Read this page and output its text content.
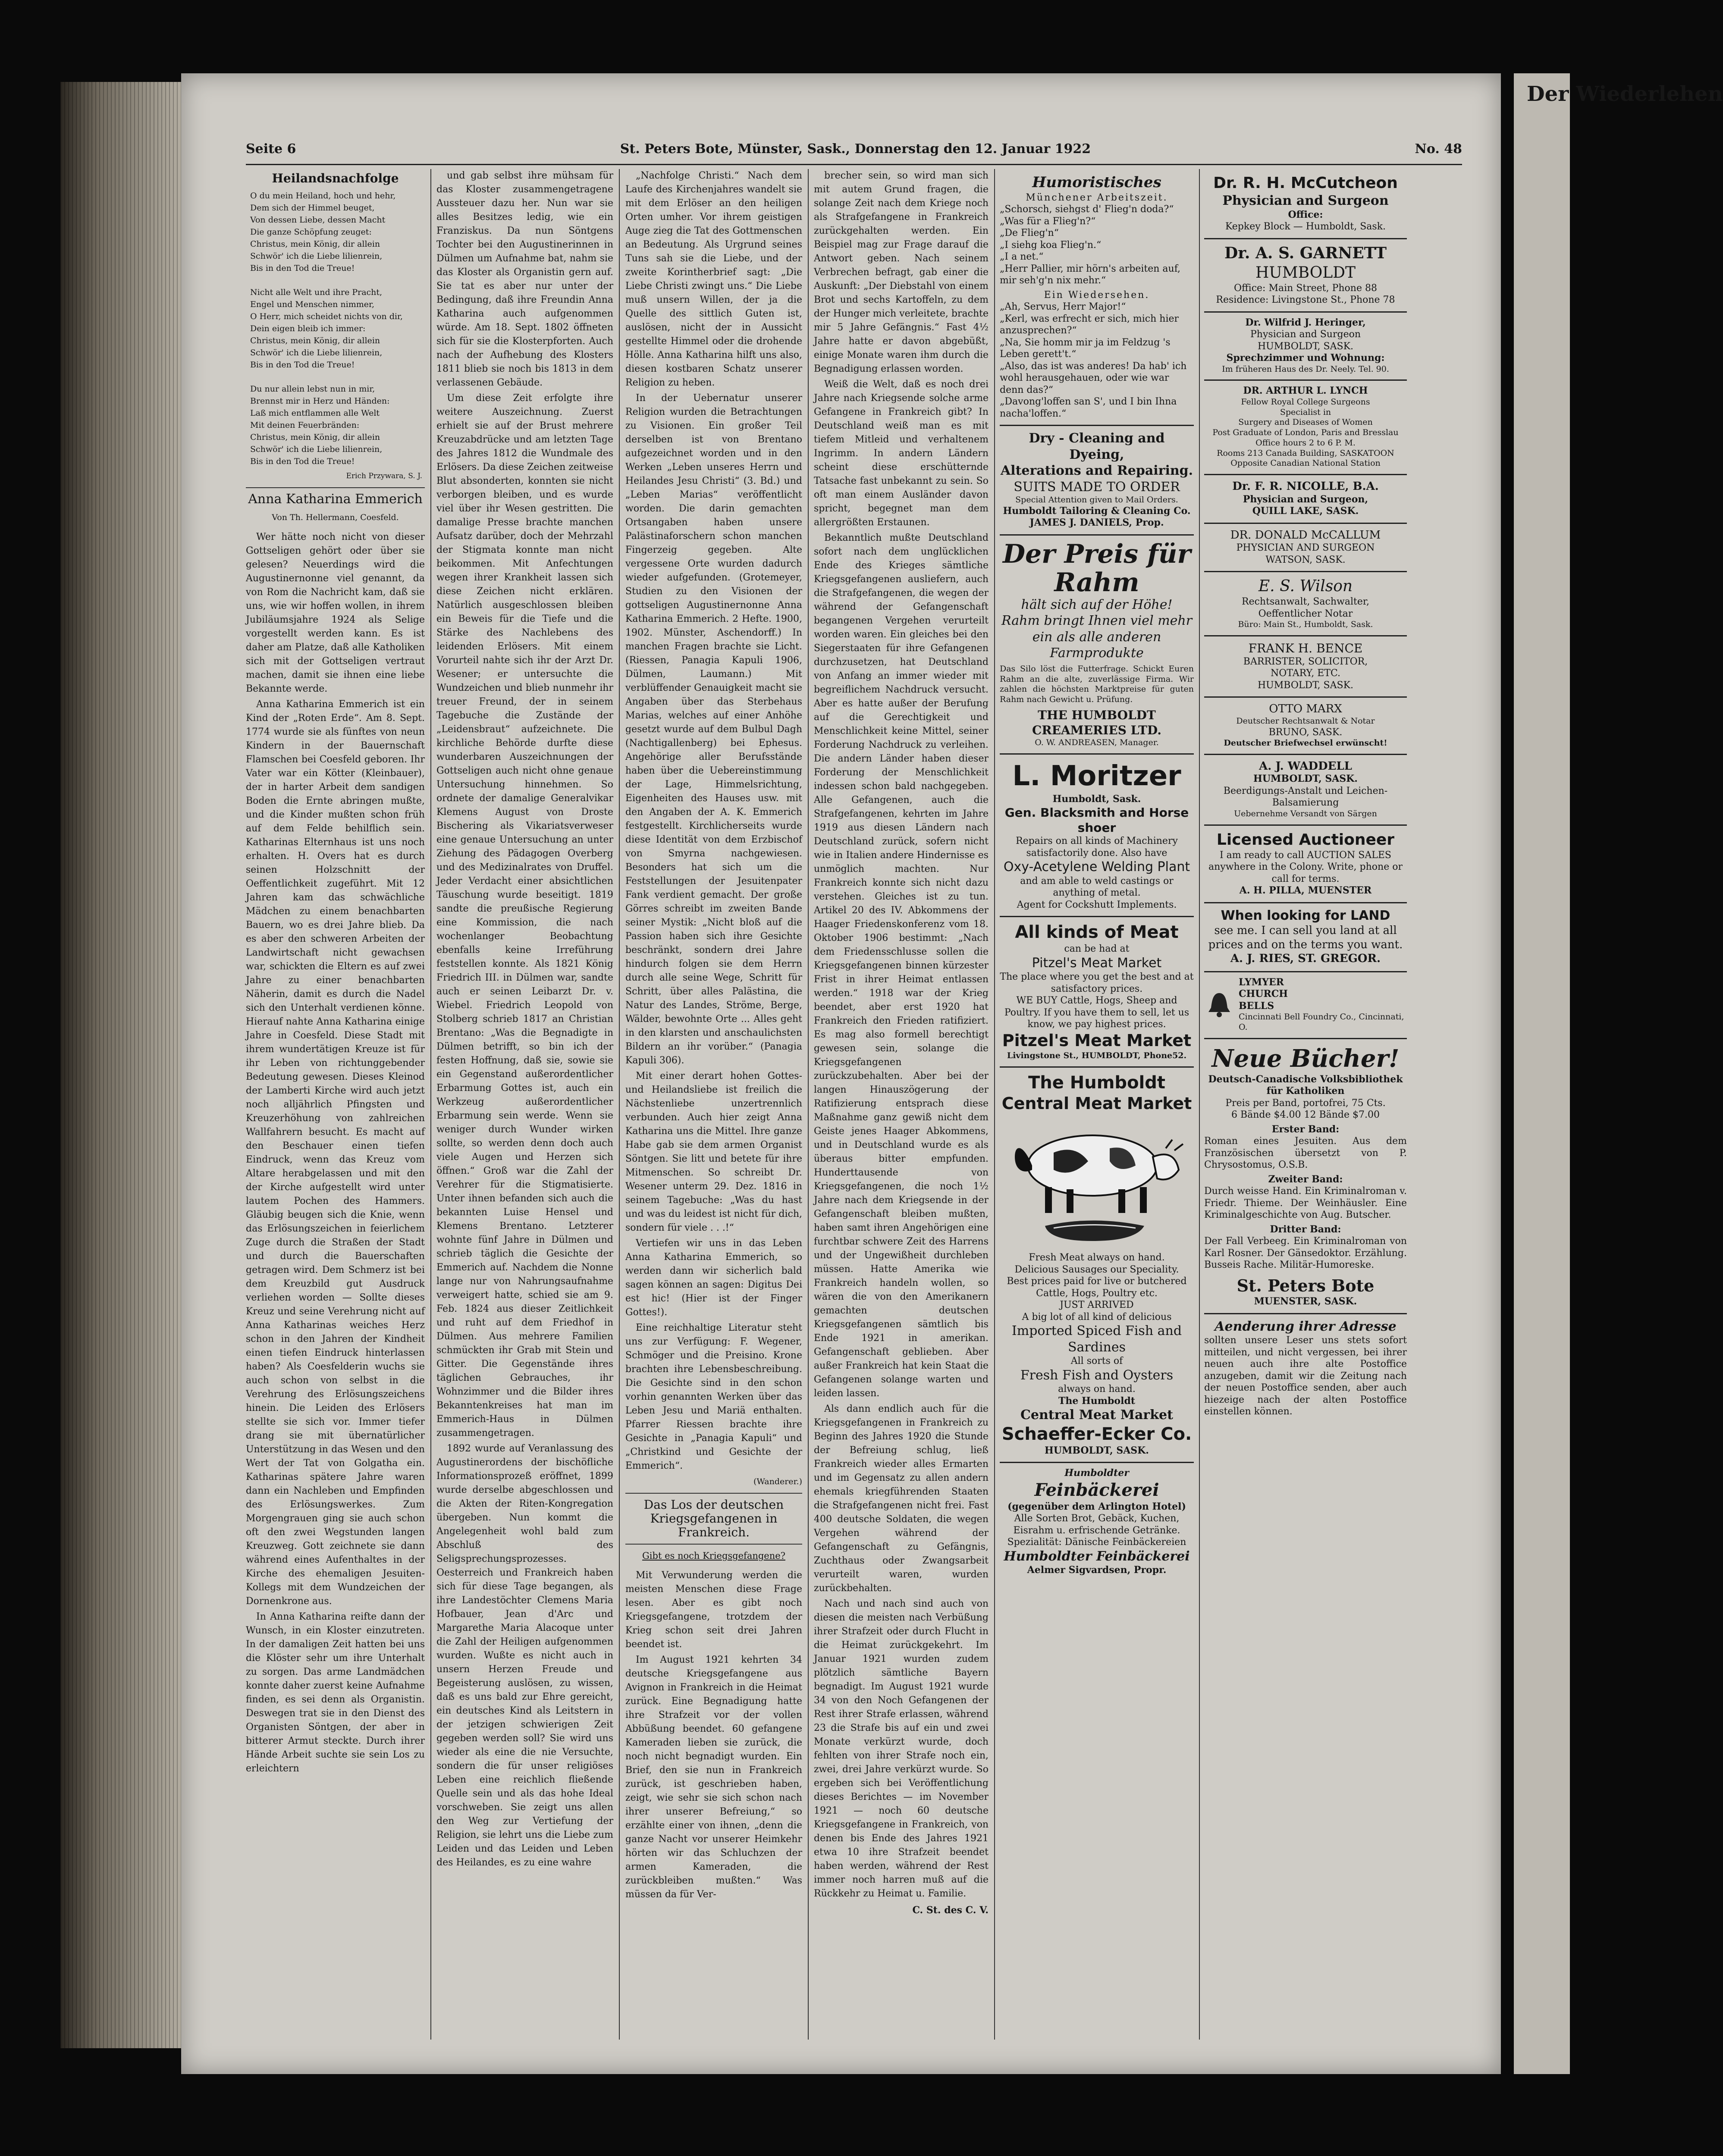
Seite 6	St. Peters Bote, Münster, Sask., Donnerstag den 12. Januar 1922	No. 48
Heilandsnachfolge
O du mein Heiland, hoch und hehr,
Dem sich der Himmel beuget,
Von dessen Liebe, dessen Macht
Die ganze Schöpfung zeuget:
Christus, mein König, dir allein
Schwör' ich die Liebe lilienrein,
Bis in den Tod die Treue!

Nicht alle Welt und ihre Pracht,
Engel und Menschen nimmer,
O Herr, mich scheidet nichts von dir,
Dein eigen bleib ich immer:
Christus, mein König, dir allein
Schwör' ich die Liebe lilienrein,
Bis in den Tod die Treue!

Du nur allein lebst nun in mir,
Brennst mir in Herz und Händen:
Laß mich entflammen alle Welt
Mit deinen Feuerbränden:
Christus, mein König, dir allein
Schwör' ich die Liebe lilienrein,
Bis in den Tod die Treue!
Erich Przywara, S. J.
Anna Katharina Emmerich
Von Th. Hellermann, Coesfeld.

Wer hätte noch nicht von dieser Gottseligen gehört oder über sie gelesen? Neuerdings wird die Augustinernonne viel genannt, da von Rom die Nachricht kam, daß sie uns, wie wir hoffen wollen, in ihrem Jubiläumsjahre 1924 als Selige vorgestellt werden kann. Es ist daher am Platze, daß alle Katholiken sich mit der Gottseligen vertraut machen, damit sie ihnen eine liebe Bekannte werde.

Anna Katharina Emmerich ist ein Kind der „Roten Erde“. Am 8. Sept. 1774 wurde sie als fünftes von neun Kindern in der Bauernschaft Flamschen bei Coesfeld geboren. Ihr Vater war ein Kötter (Kleinbauer), der in harter Arbeit dem sandigen Boden die Ernte abringen mußte, und die Kinder mußten schon früh auf dem Felde behilflich sein. Katharinas Elternhaus ist uns noch erhalten. H. Overs hat es durch seinen Holzschnitt der Oeffentlichkeit zugeführt. Mit 12 Jahren kam das schwächliche Mädchen zu einem benachbarten Bauern, wo es drei Jahre blieb. Da es aber den schweren Arbeiten der Landwirtschaft nicht gewachsen war, schickten die Eltern es auf zwei Jahre zu einer benachbarten Näherin, damit es durch die Nadel sich den Unterhalt verdienen könne. Hierauf nahte Anna Katharina einige Jahre in Coesfeld. Diese Stadt mit ihrem wundertätigen Kreuze ist für ihr Leben von richtunggebender Bedeutung gewesen. Dieses Kleinod der Lamberti Kirche wird auch jetzt noch alljährlich Pfingsten und Kreuzerhöhung von zahlreichen Wallfahrern besucht. Es macht auf den Beschauer einen tiefen Eindruck, wenn das Kreuz vom Altare herabgelassen und mit den der Kirche aufgestellt wird unter lautem Pochen des Hammers. Gläubig beugen sich die Knie, wenn das Erlösungszeichen in feierlichem Zuge durch die Straßen der Stadt und durch die Bauerschaften getragen wird. Dem Schmerz ist bei dem Kreuzbild gut Ausdruck verliehen worden — Sollte dieses Kreuz und seine Verehrung nicht auf Anna Katharinas weiches Herz schon in den Jahren der Kindheit einen tiefen Eindruck hinterlassen haben? Als Coesfelderin wuchs sie auch schon von selbst in die Verehrung des Erlösungszeichens hinein. Die Leiden des Erlösers stellte sie sich vor. Immer tiefer drang sie mit übernatürlicher Unterstützung in das Wesen und den Wert der Tat von Golgatha ein. Katharinas spätere Jahre waren dann ein Nachleben und Empfinden des Erlösungswerkes. Zum Morgengrauen ging sie auch schon oft den zwei Wegstunden langen Kreuzweg. Gott zeichnete sie dann während eines Aufenthaltes in der Kirche des ehemaligen Jesuiten-Kollegs mit dem Wundzeichen der Dornenkrone aus.

In Anna Katharina reifte dann der Wunsch, in ein Kloster einzutreten. In der damaligen Zeit hatten bei uns die Klöster sehr um ihre Unterhalt zu sorgen. Das arme Landmädchen konnte daher zuerst keine Aufnahme finden, es sei denn als Organistin. Deswegen trat sie in den Dienst des Organisten Söntgen, der aber in bitterer Armut steckte. Durch ihrer Hände Arbeit suchte sie sein Los zu erleichtern

und gab selbst ihre mühsam für das Kloster zusammengetragene Aussteuer dazu her. Nun war sie alles Besitzes ledig, wie ein Franziskus. Da nun Söntgens Tochter bei den Augustinerinnen in Dülmen um Aufnahme bat, nahm sie das Kloster als Organistin gern auf. Sie tat es aber nur unter der Bedingung, daß ihre Freundin Anna Katharina auch aufgenommen würde. Am 18. Sept. 1802 öffneten sich für sie die Klosterpforten. Auch nach der Aufhebung des Klosters 1811 blieb sie noch bis 1813 in dem verlassenen Gebäude.

Um diese Zeit erfolgte ihre weitere Auszeichnung. Zuerst erhielt sie auf der Brust mehrere Kreuzabdrücke und am letzten Tage des Jahres 1812 die Wundmale des Erlösers. Da diese Zeichen zeitweise Blut absonderten, konnten sie nicht verborgen bleiben, und es wurde viel über ihr Wesen gestritten. Die damalige Presse brachte manchen Aufsatz darüber, doch der Mehrzahl der Stigmata konnte man nicht beikommen. Mit Anfechtungen wegen ihrer Krankheit lassen sich diese Zeichen nicht erklären. Natürlich ausgeschlossen bleiben ein Beweis für die Tiefe und die Stärke des Nachlebens des leidenden Erlösers. Mit einem Vorurteil nahte sich ihr der Arzt Dr. Wesener; er untersuchte die Wundzeichen und blieb nunmehr ihr treuer Freund, der in seinem Tagebuche die Zustände der „Leidensbraut“ aufzeichnete. Die kirchliche Behörde durfte diese wunderbaren Auszeichnungen der Gottseligen auch nicht ohne genaue Untersuchung hinnehmen. So ordnete der damalige Generalvikar Klemens August von Droste Bischering als Vikariatsverweser eine genaue Untersuchung an unter Ziehung des Pädagogen Overberg und des Medizinalrates von Druffel. Jeder Verdacht einer absichtlichen Täuschung wurde beseitigt. 1819 sandte die preußische Regierung eine Kommission, die nach wochenlanger Beobachtung ebenfalls keine Irreführung feststellen konnte. Als 1821 König Friedrich III. in Dülmen war, sandte auch er seinen Leibarzt Dr. v. Wiebel. Friedrich Leopold von Stolberg schrieb 1817 an Christian Brentano: „Was die Begnadigte in Dülmen betrifft, so bin ich der festen Hoffnung, daß sie, sowie sie ein Gegenstand außerordentlicher Erbarmung Gottes ist, auch ein Werkzeug außerordentlicher Erbarmung sein werde. Wenn sie weniger durch Wunder wirken sollte, so werden denn doch auch viele Augen und Herzen sich öffnen.“ Groß war die Zahl der Verehrer für die Stigmatisierte. Unter ihnen befanden sich auch die bekannten Luise Hensel und Klemens Brentano. Letzterer wohnte fünf Jahre in Dülmen und schrieb täglich die Gesichte der Emmerich auf. Nachdem die Nonne lange nur von Nahrungsaufnahme verweigert hatte, schied sie am 9. Feb. 1824 aus dieser Zeitlichkeit und ruht auf dem Friedhof in Dülmen. Aus mehrere Familien schmückten ihr Grab mit Stein und Gitter. Die Gegenstände ihres täglichen Gebrauches, ihr Wohnzimmer und die Bilder ihres Bekanntenkreises hat man im Emmerich-Haus in Dülmen zusammengetragen.

1892 wurde auf Veranlassung des Augustinerordens der bischöfliche Informationsprozeß eröffnet, 1899 wurde derselbe abgeschlossen und die Akten der Riten-Kongregation übergeben. Nun kommt die Angelegenheit wohl bald zum Abschluß des Seligsprechungsprozesses. Oesterreich und Frankreich haben sich für diese Tage begangen, als ihre Landestöchter Clemens Maria Hofbauer, Jean d'Arc und Margarethe Maria Alacoque unter die Zahl der Heiligen aufgenommen wurden. Wußte es nicht auch in unsern Herzen Freude und Begeisterung auslösen, zu wissen, daß es uns bald zur Ehre gereicht, ein deutsches Kind als Leitstern in der jetzigen schwierigen Zeit gegeben werden soll? Sie wird uns wieder als eine die nie Versuchte, sondern die für unser religiöses Leben eine reichlich fließende Quelle sein und als das hohe Ideal vorschweben. Sie zeigt uns allen den Weg zur Vertiefung der Religion, sie lehrt uns die Liebe zum Leiden und das Leiden und Leben des Heilandes, es zu eine wahre

„Nachfolge Christi.“ Nach dem Laufe des Kirchenjahres wandelt sie mit dem Erlöser an den heiligen Orten umher. Vor ihrem geistigen Auge zieg die Tat des Gottmenschen an Bedeutung. Als Urgrund seines Tuns sah sie die Liebe, und der zweite Korintherbrief sagt: „Die Liebe Christi zwingt uns.“ Die Liebe muß unsern Willen, der ja die Quelle des sittlich Guten ist, auslösen, nicht der in Aussicht gestellte Himmel oder die drohende Hölle. Anna Katharina hilft uns also, diesen kostbaren Schatz unserer Religion zu heben.

In der Uebernatur unserer Religion wurden die Betrachtungen zu Visionen. Ein großer Teil derselben ist von Brentano aufgezeichnet worden und in den Werken „Leben unseres Herrn und Heilandes Jesu Christi“ (3. Bd.) und „Leben Marias“ veröffentlicht worden. Die darin gemachten Ortsangaben haben unsere Palästinaforschern schon manchen Fingerzeig gegeben. Alte vergessene Orte wurden dadurch wieder aufgefunden. (Grotemeyer, Studien zu den Visionen der gottseligen Augustinernonne Anna Katharina Emmerich. 2 Hefte. 1900, 1902. Münster, Aschendorff.) In manchen Fragen brachte sie Licht. (Riessen, Panagia Kapuli 1906, Dülmen, Laumann.) Mit verblüffender Genauigkeit macht sie Angaben über das Sterbehaus Marias, welches auf einer Anhöhe gesetzt wurde auf dem Bulbul Dagh (Nachtigallenberg) bei Ephesus. Angehörige aller Berufsstände haben über die Uebereinstimmung der Lage, Himmelsrichtung, Eigenheiten des Hauses usw. mit den Angaben der A. K. Emmerich festgestellt. Kirchlicherseits wurde diese Identität von dem Erzbischof von Smyrna nachgewiesen. Besonders hat sich um die Feststellungen der Jesuitenpater Fank verdient gemacht. Der große Görres schreibt im zweiten Bande seiner Mystik: „Nicht bloß auf die Passion haben sich ihre Gesichte beschränkt, sondern drei Jahre hindurch folgen sie dem Herrn durch alle seine Wege, Schritt für Schritt, über alles Palästina, die Natur des Landes, Ströme, Berge, Wälder, bewohnte Orte ... Alles geht in den klarsten und anschaulichsten Bildern an ihr vorüber.“ (Panagia Kapuli 306).

Mit einer derart hohen Gottes- und Heilandsliebe ist freilich die Nächstenliebe unzertrennlich verbunden. Auch hier zeigt Anna Katharina uns die Mittel. Ihre ganze Habe gab sie dem armen Organist Söntgen. Sie litt und betete für ihre Mitmenschen. So schreibt Dr. Wesener unterm 29. Dez. 1816 in seinem Tagebuche: „Was du hast und was du leidest ist nicht für dich, sondern für viele . . .!“

Vertiefen wir uns in das Leben Anna Katharina Emmerich, so werden dann wir sicherlich bald sagen können an sagen: Digitus Dei est hic! (Hier ist der Finger Gottes!).

Eine reichhaltige Literatur steht uns zur Verfügung: F. Wegener, Schmöger und die Preisino. Krone brachten ihre Lebensbeschreibung. Die Gesichte sind in den schon vorhin genannten Werken über das Leben Jesu und Mariä enthalten. Pfarrer Riessen brachte ihre Gesichte in „Panagia Kapuli“ und „Christkind und Gesichte der Emmerich“.

(Wanderer.)
Das Los der deutschen Kriegsgefangenen in Frankreich.
Gibt es noch Kriegsgefangene?

Mit Verwunderung werden die meisten Menschen diese Frage lesen. Aber es gibt noch Kriegsgefangene, trotzdem der Krieg schon seit drei Jahren beendet ist.

Im August 1921 kehrten 34 deutsche Kriegsgefangene aus Avignon in Frankreich in die Heimat zurück. Eine Begnadigung hatte ihre Strafzeit vor der vollen Abbüßung beendet. 60 gefangene Kameraden lieben sie zurück, die noch nicht begnadigt wurden. Ein Brief, den sie nun in Frankreich zurück, ist geschrieben haben, zeigt, wie sehr sie sich schon nach ihrer unserer Befreiung,“ so erzählte einer von ihnen, „denn die ganze Nacht vor unserer Heimkehr hörten wir das Schluchzen der armen Kameraden, die zurückbleiben mußten.“ Was müssen da für Ver-

brecher sein, so wird man sich mit autem Grund fragen, die solange Zeit nach dem Kriege noch als Strafgefangene in Frankreich zurückgehalten werden. Ein Beispiel mag zur Frage darauf die Antwort geben. Nach seinem Verbrechen befragt, gab einer die Auskunft: „Der Diebstahl von einem Brot und sechs Kartoffeln, zu dem der Hunger mich verleitete, brachte mir 5 Jahre Gefängnis.“ Fast 4½ Jahre hatte er davon abgebüßt, einige Monate waren ihm durch die Begnadigung erlassen worden.

Weiß die Welt, daß es noch drei Jahre nach Kriegsende solche arme Gefangene in Frankreich gibt? In Deutschland weiß man es mit tiefem Mitleid und verhaltenem Ingrimm. In andern Ländern scheint diese erschütternde Tatsache fast unbekannt zu sein. So oft man einem Ausländer davon spricht, begegnet man dem allergrößten Erstaunen.

Bekanntlich mußte Deutschland sofort nach dem unglücklichen Ende des Krieges sämtliche Kriegsgefangenen ausliefern, auch die Strafgefangenen, die wegen der während der Gefangenschaft begangenen Vergehen verurteilt worden waren. Ein gleiches bei den Siegerstaaten für ihre Gefangenen durchzusetzen, hat Deutschland von Anfang an immer wieder mit begreiflichem Nachdruck versucht. Aber es hatte außer der Berufung auf die Gerechtigkeit und Menschlichkeit keine Mittel, seiner Forderung Nachdruck zu verleihen. Die andern Länder haben dieser Forderung der Menschlichkeit indessen schon bald nachgegeben. Alle Gefangenen, auch die Strafgefangenen, kehrten im Jahre 1919 aus diesen Ländern nach Deutschland zurück, sofern nicht wie in Italien andere Hindernisse es unmöglich machten. Nur Frankreich konnte sich nicht dazu verstehen. Gleiches ist zu tun. Artikel 20 des IV. Abkommens der Haager Friedenskonferenz vom 18. Oktober 1906 bestimmt: „Nach dem Friedensschlusse sollen die Kriegsgefangenen binnen kürzester Frist in ihrer Heimat entlassen werden.“ 1918 war der Krieg beendet, aber erst 1920 hat Frankreich den Frieden ratifiziert. Es mag also formell berechtigt gewesen sein, solange die Kriegsgefangenen zurückzubehalten. Aber bei der langen Hinauszögerung der Ratifizierung entsprach diese Maßnahme ganz gewiß nicht dem Geiste jenes Haager Abkommens, und in Deutschland wurde es als überaus bitter empfunden. Hunderttausende von Kriegsgefangenen, die noch 1½ Jahre nach dem Kriegsende in der Gefangenschaft bleiben mußten, haben samt ihren Angehörigen eine furchtbar schwere Zeit des Harrens und der Ungewißheit durchleben müssen. Hatte Amerika wie Frankreich handeln wollen, so wären die von den Amerikanern gemachten deutschen Kriegsgefangenen sämtlich bis Ende 1921 in amerikan. Gefangenschaft geblieben. Aber außer Frankreich hat kein Staat die Gefangenen solange warten und leiden lassen.

Als dann endlich auch für die Kriegsgefangenen in Frankreich zu Beginn des Jahres 1920 die Stunde der Befreiung schlug, ließ Frankreich wieder alles Ermarten und im Gegensatz zu allen andern ehemals kriegführenden Staaten die Strafgefangenen nicht frei. Fast 400 deutsche Soldaten, die wegen Vergehen während der Gefangenschaft zu Gefängnis, Zuchthaus oder Zwangsarbeit verurteilt waren, wurden zurückbehalten.

Nach und nach sind auch von diesen die meisten nach Verbüßung ihrer Strafzeit oder durch Flucht in die Heimat zurückgekehrt. Im Januar 1921 wurden zudem plötzlich sämtliche Bayern begnadigt. Im August 1921 wurde 34 von den Noch Gefangenen der Rest ihrer Strafe erlassen, während 23 die Strafe bis auf ein und zwei Monate verkürzt wurde, doch fehlten von ihrer Strafe noch ein, zwei, drei Jahre verkürzt wurde. So ergeben sich bei Veröffentlichung dieses Berichtes — im November 1921 — noch 60 deutsche Kriegsgefangene in Frankreich, von denen bis Ende des Jahres 1921 etwa 10 ihre Strafzeit beendet haben werden, während der Rest immer noch harren muß auf die Rückkehr zu Heimat u. Familie.

C. St. des C. V.
Humoristisches
Münchener Arbeitszeit.
„Schorsch, siehgst d' Flieg'n doda?“
„Was für a Flieg'n?“
„De Flieg'n“
„I siehg koa Flieg'n.“
„I a net.“
„Herr Pallier, mir hörn's arbeiten auf, mir seh'g'n nix mehr.“
Ein Wiedersehen.
„Ah, Servus, Herr Major!“
„Kerl, was erfrecht er sich, mich hier anzusprechen?“
„Na, Sie homm mir ja im Feldzug 's Leben gerett't.“
„Also, das ist was anderes! Da hab' ich wohl herausgehauen, oder wie war denn das?“
„Davong'loffen san S', und I bin Ihna nacha'loffen.“
Dry - Cleaning and Dyeing,
Alterations and Repairing.
SUITS MADE TO ORDER
Special Attention given to Mail Orders.
Humboldt Tailoring & Cleaning Co.
JAMES J. DANIELS, Prop.
Der Preis für Rahm
hält sich auf der Höhe!
Rahm bringt Ihnen viel mehr ein als alle anderen Farmprodukte
Das Silo löst die Futterfrage. Schickt Euren Rahm an die alte, zuverlässige Firma. Wir zahlen die höchsten Marktpreise für guten Rahm nach Gewicht u. Prüfung.
THE HUMBOLDT CREAMERIES LTD.
O. W. ANDREASEN, Manager.
L. Moritzer
Humboldt, Sask.
Gen. Blacksmith and Horse shoer
Repairs on all kinds of Machinery satisfactorily done. Also have
Oxy-Acetylene Welding Plant
and am able to weld castings or anything of metal.
Agent for Cockshutt Implements.
All kinds of Meat
can be had at
Pitzel's Meat Market
The place where you get the best and at satisfactory prices.
WE BUY Cattle, Hogs, Sheep and Poultry. If you have them to sell, let us know, we pay highest prices.
Pitzel's Meat Market
Livingstone St., HUMBOLDT, Phone52.
The Humboldt
Central Meat Market
Fresh Meat always on hand.
Delicious Sausages our Speciality.
Best prices paid for live or butchered Cattle, Hogs, Poultry etc.
JUST ARRIVED
A big lot of all kind of delicious
Imported Spiced Fish and Sardines
All sorts of
Fresh Fish and Oysters
always on hand.
The Humboldt
Central Meat Market
Schaeffer-Ecker Co.
HUMBOLDT, SASK.
Humboldter
Feinbäckerei
(gegenüber dem Arlington Hotel)
Alle Sorten Brot, Gebäck, Kuchen, Eisrahm u. erfrischende Getränke.
Spezialität: Dänische Feinbäckereien
Humboldter Feinbäckerei
Aelmer Sigvardsen, Propr.
Dr. R. H. McCutcheon
Physician and Surgeon
Office:
Kepkey Block — Humboldt, Sask.
Dr. A. S. GARNETT
HUMBOLDT
Office: Main Street, Phone 88
Residence: Livingstone St., Phone 78
Dr. Wilfrid J. Heringer,
Physician and Surgeon
HUMBOLDT, SASK.
Sprechzimmer und Wohnung:
Im früheren Haus des Dr. Neely. Tel. 90.
DR. ARTHUR L. LYNCH
Fellow Royal College Surgeons
Specialist in
Surgery and Diseases of Women
Post Graduate of London, Paris and Bresslau
Office hours 2 to 6 P. M.
Rooms 213 Canada Building, SASKATOON
Opposite Canadian National Station
Dr. F. R. NICOLLE, B.A.
Physician and Surgeon,
QUILL LAKE, SASK.
DR. DONALD McCALLUM
PHYSICIAN AND SURGEON
WATSON, SASK.
E. S. Wilson
Rechtsanwalt, Sachwalter,
Oeffentlicher Notar
Büro: Main St., Humboldt, Sask.
FRANK H. BENCE
BARRISTER, SOLICITOR,
NOTARY, ETC.
HUMBOLDT, SASK.
OTTO MARX
Deutscher Rechtsanwalt & Notar
BRUNO, SASK.
Deutscher Briefwechsel erwünscht!
A. J. WADDELL
HUMBOLDT, SASK.
Beerdigungs-Anstalt und Leichen-Balsamierung
Uebernehme Versandt von Särgen
Licensed Auctioneer
I am ready to call AUCTION SALES anywhere in the Colony. Write, phone or call for terms.
A. H. PILLA, MUENSTER
When looking for LAND
see me. I can sell you land at all prices and on the terms you want.
A. J. RIES, ST. GREGOR.
LYMYER
CHURCH
BELLS
Cincinnati Bell Foundry Co., Cincinnati, O.
Neue Bücher!
Deutsch-Canadische Volksbibliothek für Katholiken
Preis per Band, portofrei, 75 Cts.
6 Bände $4.00 12 Bände $7.00
Erster Band:
Roman eines Jesuiten. Aus dem Französischen übersetzt von P. Chrysostomus, O.S.B.
Zweiter Band:
Durch weisse Hand. Ein Kriminalroman v. Friedr. Thieme. Der Weinhäusler. Eine Kriminalgeschichte von Aug. Butscher.
Dritter Band:
Der Fall Verbeeg. Ein Kriminalroman von Karl Rosner. Der Gänsedoktor. Erzählung. Busseis Rache. Militär-Humoreske.
St. Peters Bote
MUENSTER, SASK.
Aenderung ihrer Adresse
sollten unsere Leser uns stets sofort mitteilen, und nicht vergessen, bei ihrer neuen auch ihre alte Postoffice anzugeben, damit wir die Zeitung nach der neuen Postoffice senden, aber auch hiezeige nach der alten Postoffice einstellen können.
Der Wiederlehen
